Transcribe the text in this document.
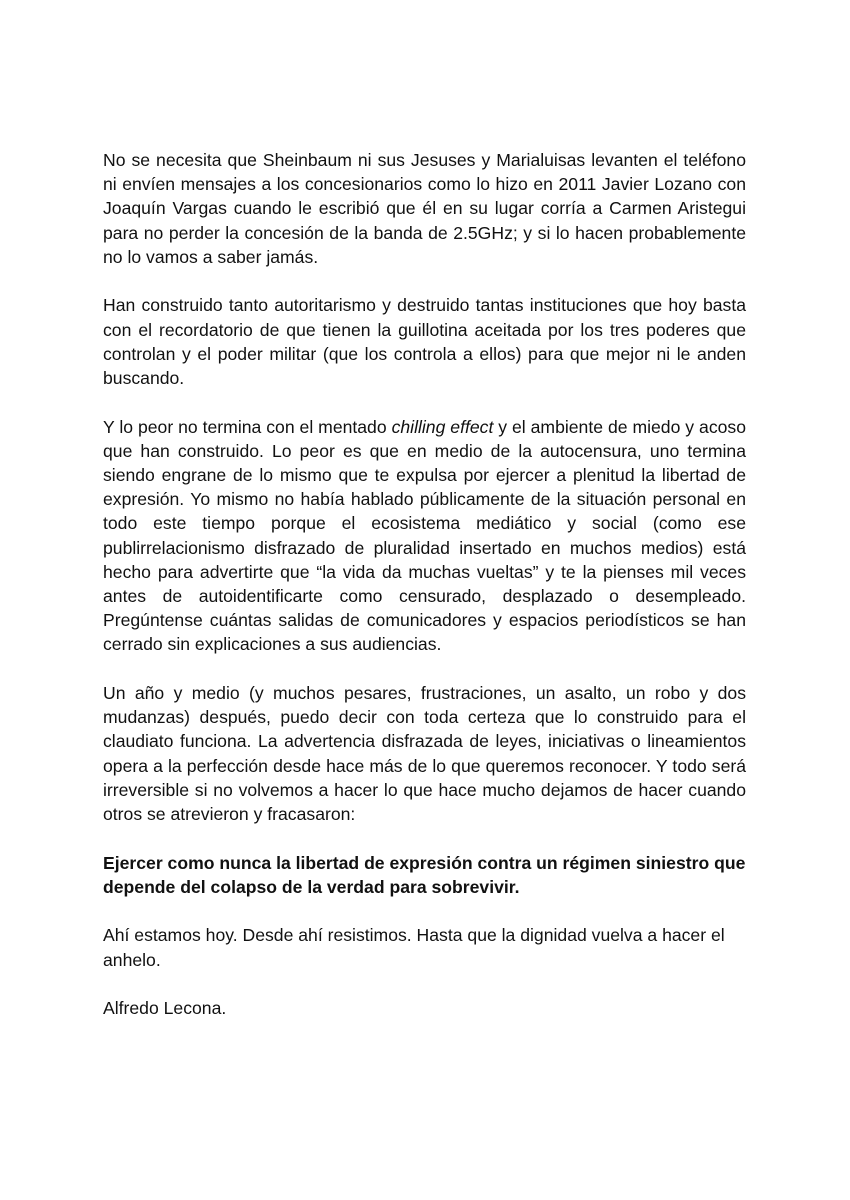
No se necesita que Sheinbaum ni sus Jesuses y Marialuisas levanten el teléfono ni envíen mensajes a los concesionarios como lo hizo en 2011 Javier Lozano con Joaquín Vargas cuando le escribió que él en su lugar corría a Carmen Aristegui para no perder la concesión de la banda de 2.5GHz; y si lo hacen probablemente no lo vamos a saber jamás.

Han construido tanto autoritarismo y destruido tantas instituciones que hoy basta con el recordatorio de que tienen la guillotina aceitada por los tres poderes que controlan y el poder militar (que los controla a ellos) para que mejor ni le anden buscando.

Y lo peor no termina con el mentado chilling effect y el ambiente de miedo y acoso que han construido. Lo peor es que en medio de la autocensura, uno termina siendo engrane de lo mismo que te expulsa por ejercer a plenitud la libertad de expresión. Yo mismo no había hablado públicamente de la situación personal en todo este tiempo porque el ecosistema mediático y social (como ese publirrelacionismo disfrazado de pluralidad insertado en muchos medios) está hecho para advertirte que “la vida da muchas vueltas” y te la pienses mil veces antes de autoidentificarte como censurado, desplazado o desempleado. Pregúntense cuántas salidas de comunicadores y espacios periodísticos se han cerrado sin explicaciones a sus audiencias.

Un año y medio (y muchos pesares, frustraciones, un asalto, un robo y dos mudanzas) después, puedo decir con toda certeza que lo construido para el claudiato funciona. La advertencia disfrazada de leyes, iniciativas o lineamientos opera a la perfección desde hace más de lo que queremos reconocer. Y todo será irreversible si no volvemos a hacer lo que hace mucho dejamos de hacer cuando otros se atrevieron y fracasaron:

Ejercer como nunca la libertad de expresión contra un régimen siniestro que depende del colapso de la verdad para sobrevivir.

Ahí estamos hoy. Desde ahí resistimos. Hasta que la dignidad vuelva a hacer el anhelo.

Alfredo Lecona.
